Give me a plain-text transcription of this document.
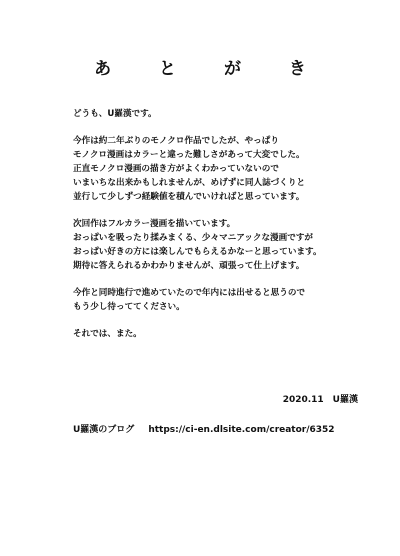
あ と が き
どうも、U羅漢です。
今作は約二年ぶりのモノクロ作品でしたが、やっぱり
モノクロ漫画はカラーと違った難しさがあって大変でした。
正直モノクロ漫画の描き方がよくわかっていないので
いまいちな出来かもしれませんが、めげずに同人誌づくりと
並行して少しずつ経験値を積んでいければと思っています。
次回作はフルカラー漫画を描いています。
おっぱいを吸ったり揉みまくる、少々マニアックな漫画ですが
おっぱい好きの方には楽しんでもらえるかなーと思っています。
期待に答えられるかわかりませんが、頑張って仕上げます。
今作と同時進行で進めていたので年内には出せると思うので
もう少し待っててください。
それでは、また。
2020.11　U羅漢
U羅漢のブログ https://ci-en.dlsite.com/creator/6352
